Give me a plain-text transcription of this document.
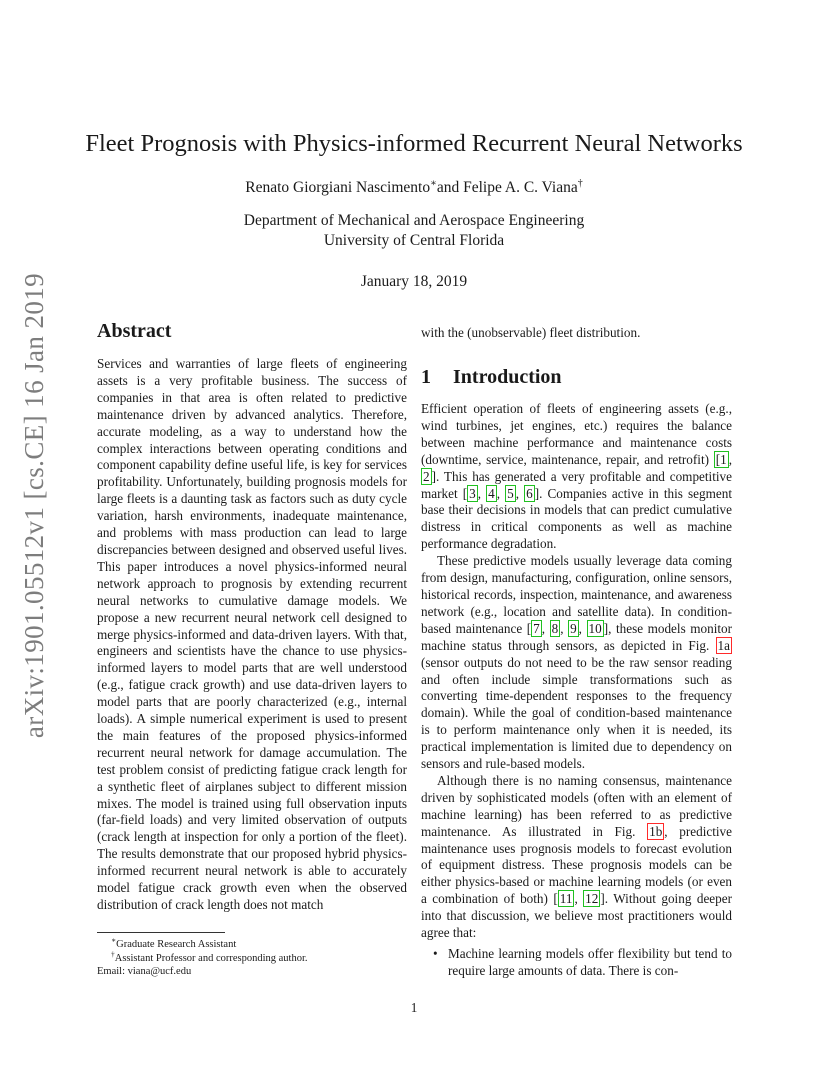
arXiv:1901.05512v1 [cs.CE] 16 Jan 2019
Fleet Prognosis with Physics-informed Recurrent Neural Networks
Renato Giorgiani Nascimento∗and Felipe A. C. Viana†
Department of Mechanical and Aerospace Engineering
University of Central Florida
January 18, 2019
Abstract

Services and warranties of large fleets of engineering assets is a very profitable business. The success of companies in that area is often related to predictive maintenance driven by advanced analytics. Therefore, accurate modeling, as a way to understand how the complex interactions between operating conditions and component capability define useful life, is key for services profitability. Unfortunately, building prognosis models for large fleets is a daunting task as factors such as duty cycle variation, harsh environments, inadequate maintenance, and problems with mass production can lead to large discrepancies between designed and observed useful lives. This paper introduces a novel physics-informed neural network approach to prognosis by extending recurrent neural networks to cumulative damage models. We propose a new recurrent neural network cell designed to merge physics-informed and data-driven layers. With that, engineers and scientists have the chance to use physics-informed layers to model parts that are well understood (e.g., fatigue crack growth) and use data-driven layers to model parts that are poorly characterized (e.g., internal loads). A simple numerical experiment is used to present the main features of the proposed physics-informed recurrent neural network for damage accumulation. The test problem consist of predicting fatigue crack length for a synthetic fleet of airplanes subject to different mission mixes. The model is trained using full observation inputs (far-field loads) and very limited observation of outputs (crack length at inspection for only a portion of the fleet). The results demonstrate that our proposed hybrid physics-informed recurrent neural network is able to accurately model fatigue crack growth even when the observed distribution of crack length does not match

with the (unobservable) fleet distribution.

1 Introduction

Efficient operation of fleets of engineering assets (e.g., wind turbines, jet engines, etc.) requires the balance between machine performance and maintenance costs (downtime, service, maintenance, repair, and retrofit) [1 , 2 ]. This has generated a very profitable and competitive market [ 3 , 4 , 5 , 6 ]. Companies active in this segment base their decisions in models that can predict cumulative distress in critical components as well as machine performance degradation.

These predictive models usually leverage data coming from design, manufacturing, configuration, online sensors, historical records, inspection, maintenance, and awareness network (e.g., location and satellite data). In condition-based maintenance [ 7 , 8 , 9 , 10 ], these models monitor machine status through sensors, as depicted in Fig. 1a (sensor outputs do not need to be the raw sensor reading and often include simple transformations such as converting time-dependent responses to the frequency domain). While the goal of condition-based maintenance is to perform maintenance only when it is needed, its practical implementation is limited due to dependency on sensors and rule-based models.

Although there is no naming consensus, maintenance driven by sophisticated models (often with an element of machine learning) has been referred to as predictive maintenance. As illustrated in Fig. 1b , predictive maintenance uses prognosis models to forecast evolution of equipment distress. These prognosis models can be either physics-based or machine learning models (or even a combination of both) [ 11 , 12 ]. Without going deeper into that discussion, we believe most practitioners would agree that:

• Machine learning models offer flexibility but tend to require large amounts of data. There is con-
∗Graduate Research Assistant
†Assistant Professor and corresponding author.
Email: viana@ucf.edu
1
